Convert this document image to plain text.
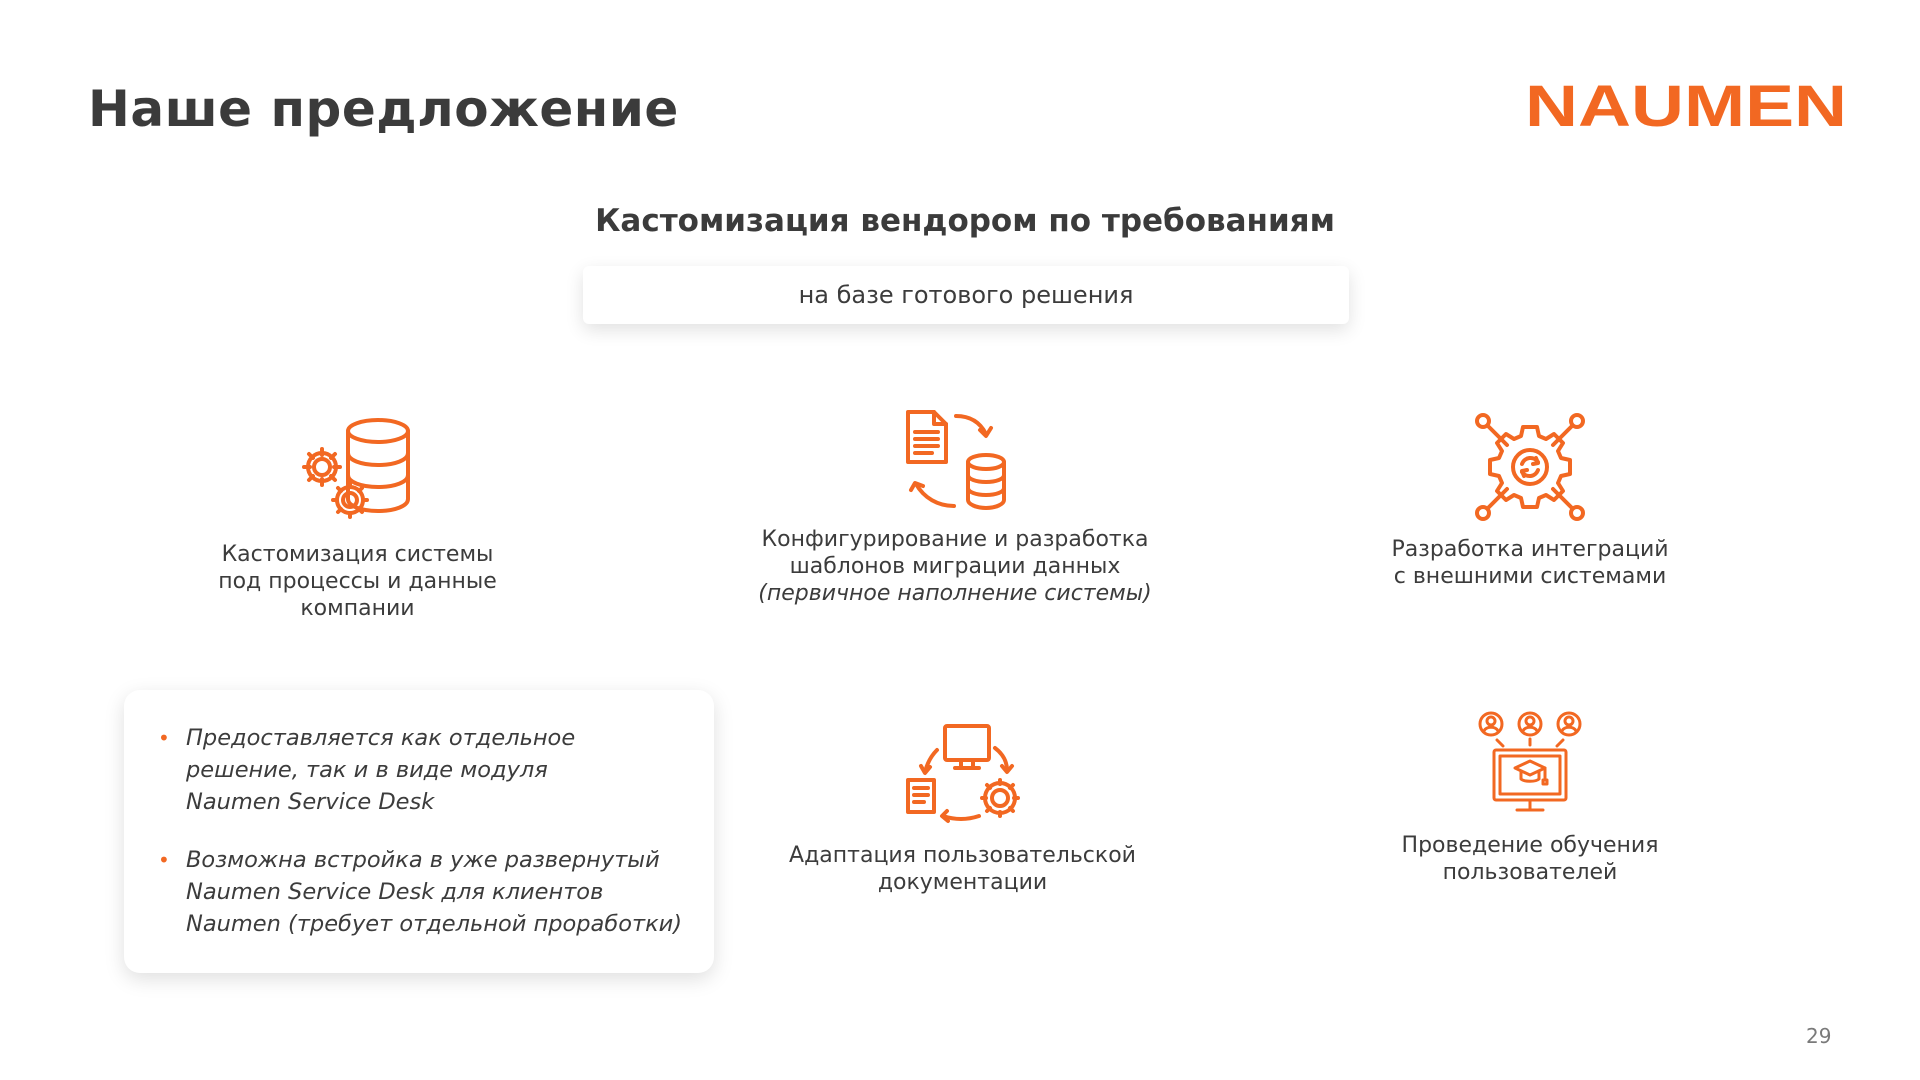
Наше предложение	NAUMEN
Кастомизация вендором по требованиям
на базе готового решения
Кастомизация системы
под процессы и данные
компании
Конфигурирование и разработка
шаблонов миграции данных
(первичное наполнение системы)
Разработка интеграций
с внешними системами
Адаптация пользовательской
документации
Проведение обучения
пользователей
• Предоставляется как отдельное
решение, так и в виде модуля
Naumen Service Desk
• Возможна встройка в уже развернутый
Naumen Service Desk для клиентов
Naumen (требует отдельной проработки)
29
